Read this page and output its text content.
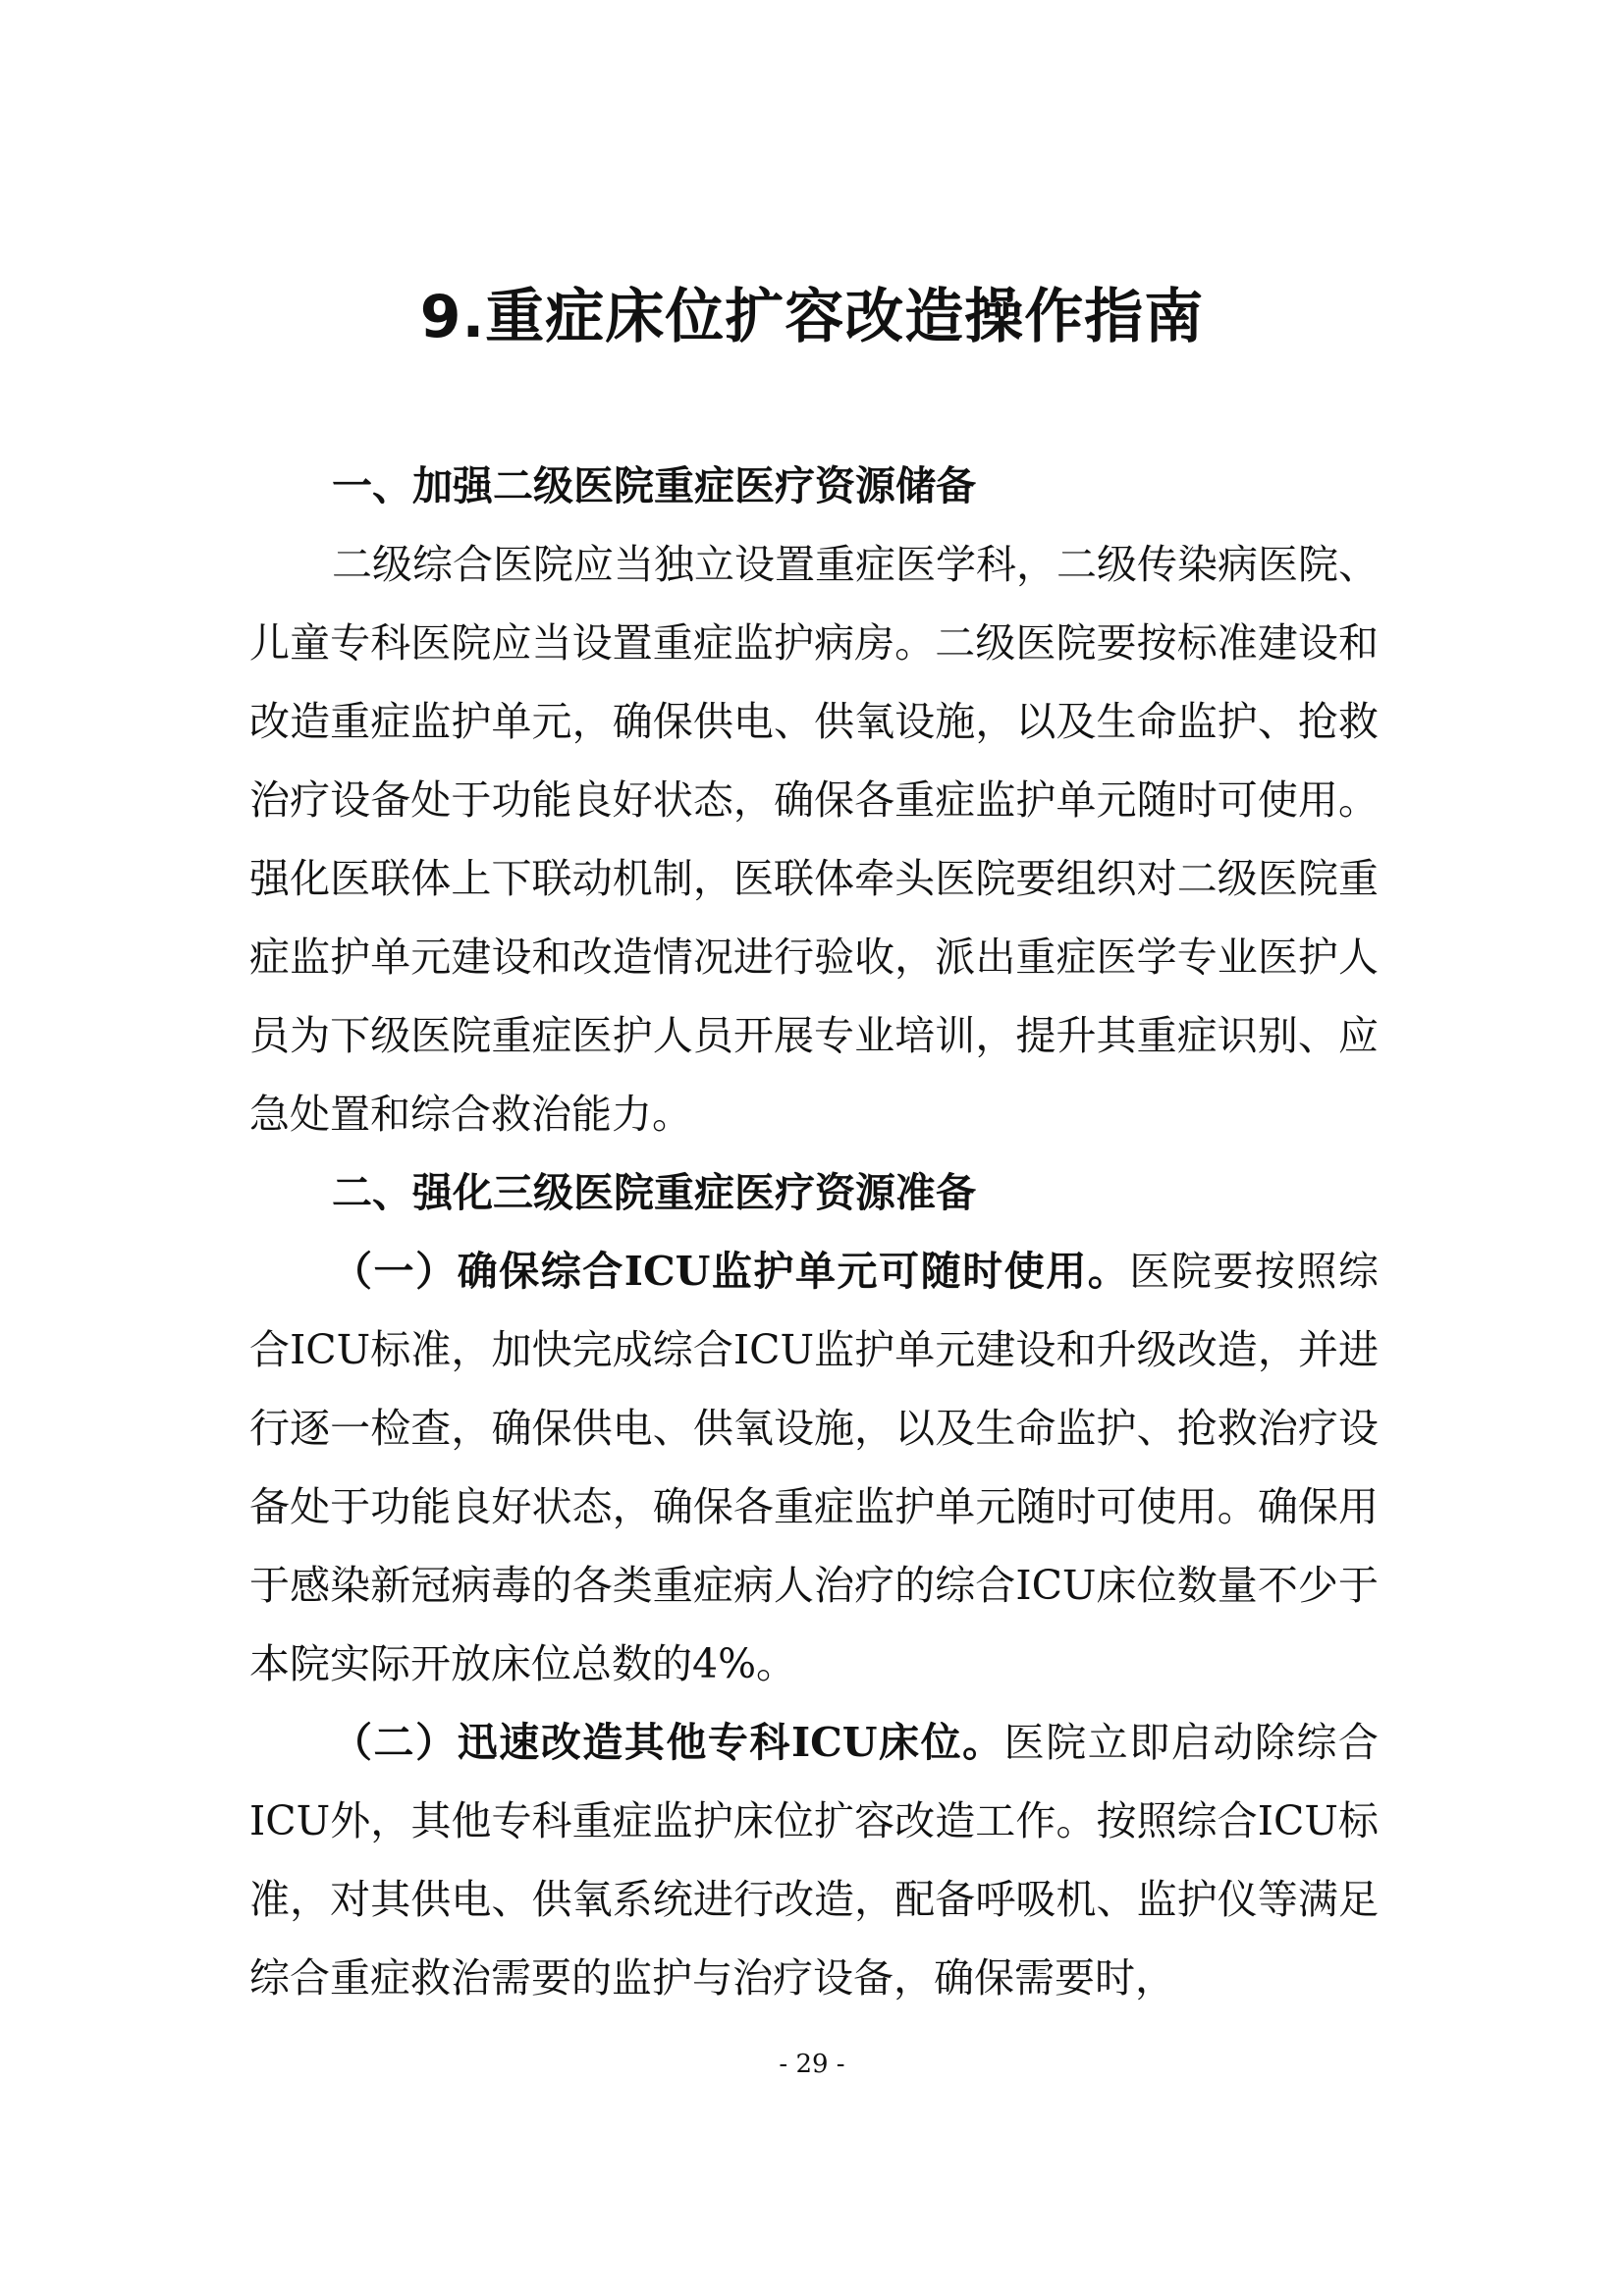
9.重症床位扩容改造操作指南
一、加强二级医院重症医疗资源储备

二级综合医院应当独立设置重症医学科，二级传染病医院、儿童专科医院应当设置重症监护病房。二级医院要按标准建设和改造重症监护单元，确保供电、供氧设施，以及生命监护、抢救治疗设备处于功能良好状态，确保各重症监护单元随时可使用。强化医联体上下联动机制，医联体牵头医院要组织对二级医院重症监护单元建设和改造情况进行验收，派出重症医学专业医护人员为下级医院重症医护人员开展专业培训，提升其重症识别、应急处置和综合救治能力。

二、强化三级医院重症医疗资源准备

（一）确保综合ICU监护单元可随时使用。医院要按照综合ICU标准，加快完成综合ICU监护单元建设和升级改造，并进行逐一检查，确保供电、供氧设施，以及生命监护、抢救治疗设备处于功能良好状态，确保各重症监护单元随时可使用。确保用于感染新冠病毒的各类重症病人治疗的综合ICU床位数量不少于本院实际开放床位总数的4%。

（二）迅速改造其他专科ICU床位。医院立即启动除综合ICU外，其他专科重症监护床位扩容改造工作。按照综合ICU标准，对其供电、供氧系统进行改造，配备呼吸机、监护仪等满足综合重症救治需要的监护与治疗设备，确保需要时，

- 29 -
